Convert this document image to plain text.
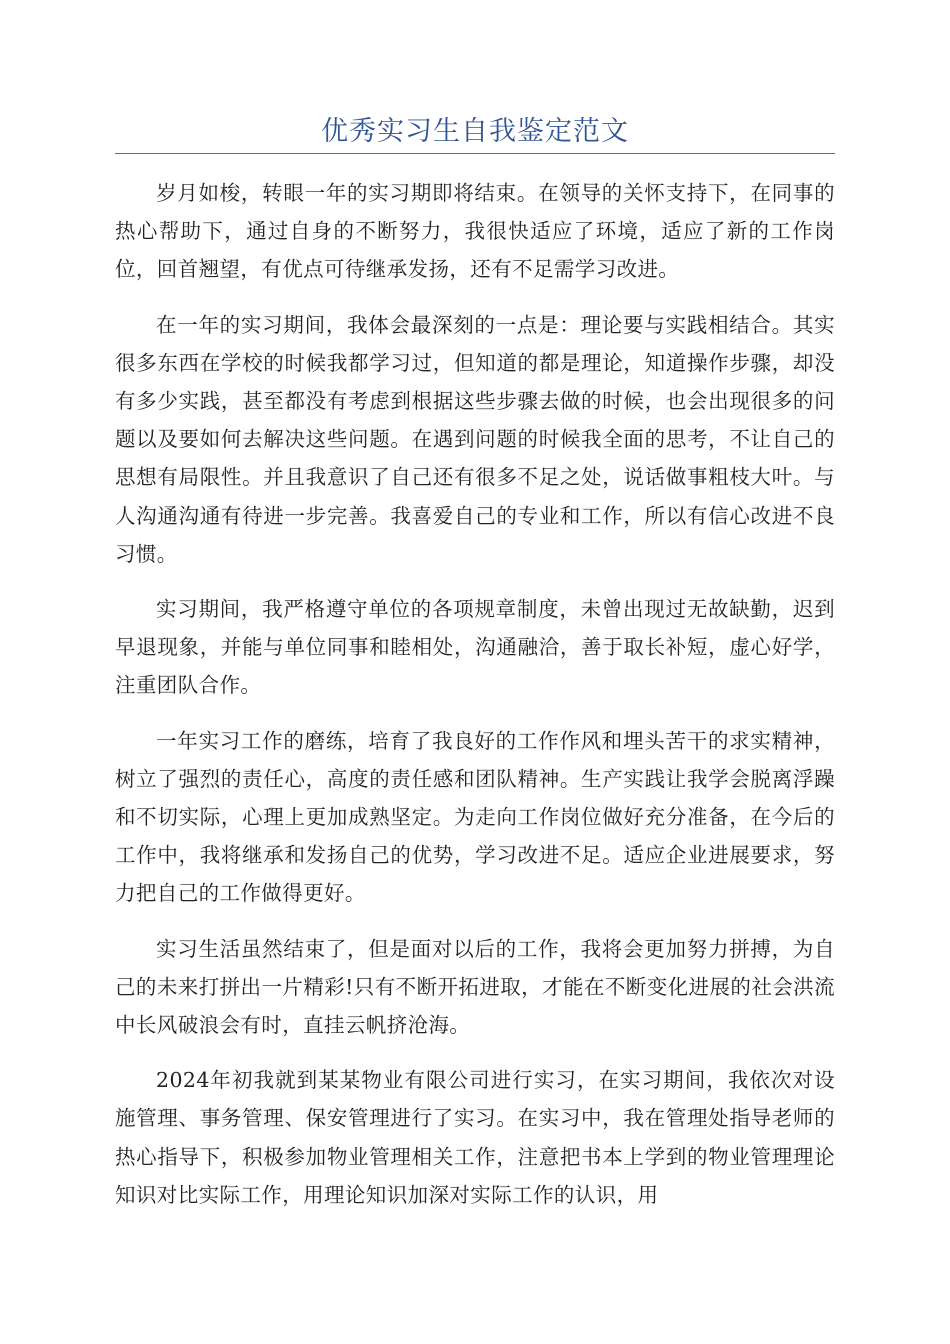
优秀实习生自我鉴定范文

岁月如梭，转眼一年的实习期即将结束。在领导的关怀支持下，在同事的热心帮助下，通过自身的不断努力，我很快适应了环境，适应了新的工作岗位，回首翘望，有优点可待继承发扬，还有不足需学习改进。

在一年的实习期间，我体会最深刻的一点是：理论要与实践相结合。其实很多东西在学校的时候我都学习过，但知道的都是理论，知道操作步骤，却没有多少实践，甚至都没有考虑到根据这些步骤去做的时候，也会出现很多的问题以及要如何去解决这些问题。在遇到问题的时候我全面的思考，不让自己的思想有局限性。并且我意识了自己还有很多不足之处，说话做事粗枝大叶。与人沟通沟通有待进一步完善。我喜爱自己的专业和工作，所以有信心改进不良习惯。

实习期间，我严格遵守单位的各项规章制度，未曾出现过无故缺勤，迟到早退现象，并能与单位同事和睦相处，沟通融洽，善于取长补短，虚心好学，注重团队合作。

一年实习工作的磨练，培育了我良好的工作作风和埋头苦干的求实精神，树立了强烈的责任心，高度的责任感和团队精神。生产实践让我学会脱离浮躁和不切实际，心理上更加成熟坚定。为走向工作岗位做好充分准备，在今后的工作中，我将继承和发扬自己的优势，学习改进不足。适应企业进展要求，努力把自己的工作做得更好。

实习生活虽然结束了，但是面对以后的工作，我将会更加努力拼搏，为自己的未来打拼出一片精彩!只有不断开拓进取，才能在不断变化进展的社会洪流中长风破浪会有时，直挂云帆挤沧海。

2024年初我就到某某物业有限公司进行实习，在实习期间，我依次对设施管理、事务管理、保安管理进行了实习。在实习中，我在管理处指导老师的热心指导下，积极参加物业管理相关工作，注意把书本上学到的物业管理理论知识对比实际工作，用理论知识加深对实际工作的认识，用
